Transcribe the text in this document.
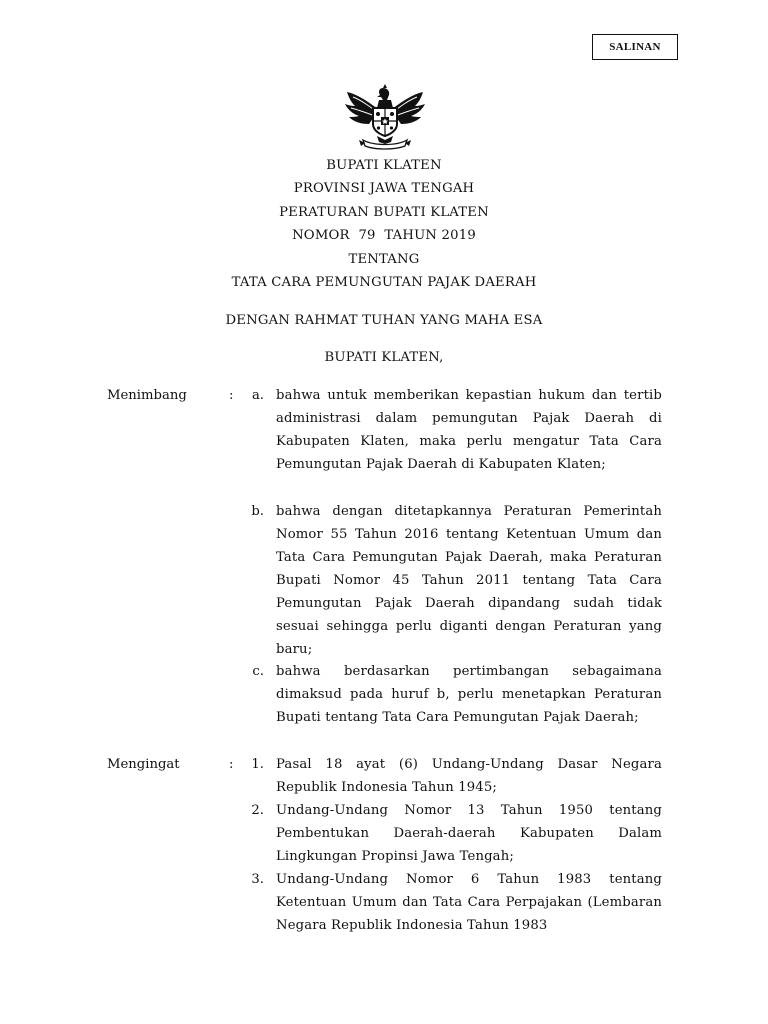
SALINAN
BUPATI KLATEN
PROVINSI JAWA TENGAH
PERATURAN BUPATI KLATEN
NOMOR  79  TAHUN 2019
TENTANG
TATA CARA PEMUNGUTAN PAJAK DAERAH
DENGAN RAHMAT TUHAN YANG MAHA ESA
BUPATI KLATEN,
Menimbang	:	a. bahwa untuk memberikan kepastian hukum dan tertib administrasi dalam pemungutan Pajak Daerah di Kabupaten Klaten, maka perlu mengatur Tata Cara Pemungutan Pajak Daerah di Kabupaten Klaten;
b. bahwa dengan ditetapkannya Peraturan Pemerintah Nomor 55 Tahun 2016 tentang Ketentuan Umum dan Tata Cara Pemungutan Pajak Daerah, maka Peraturan Bupati Nomor 45 Tahun 2011 tentang Tata Cara Pemungutan Pajak Daerah dipandang sudah tidak sesuai sehingga perlu diganti dengan Peraturan yang baru;
c. bahwa berdasarkan pertimbangan sebagaimana dimaksud pada huruf b, perlu menetapkan Peraturan Bupati tentang Tata Cara Pemungutan Pajak Daerah;
Mengingat	:	1. Pasal 18 ayat (6) Undang-Undang Dasar Negara Republik Indonesia Tahun 1945;
2. Undang-Undang Nomor 13 Tahun 1950 tentang Pembentukan Daerah-daerah Kabupaten Dalam Lingkungan Propinsi Jawa Tengah;
3. Undang-Undang Nomor 6 Tahun 1983 tentang Ketentuan Umum dan Tata Cara Perpajakan (Lembaran Negara Republik Indonesia Tahun 1983
